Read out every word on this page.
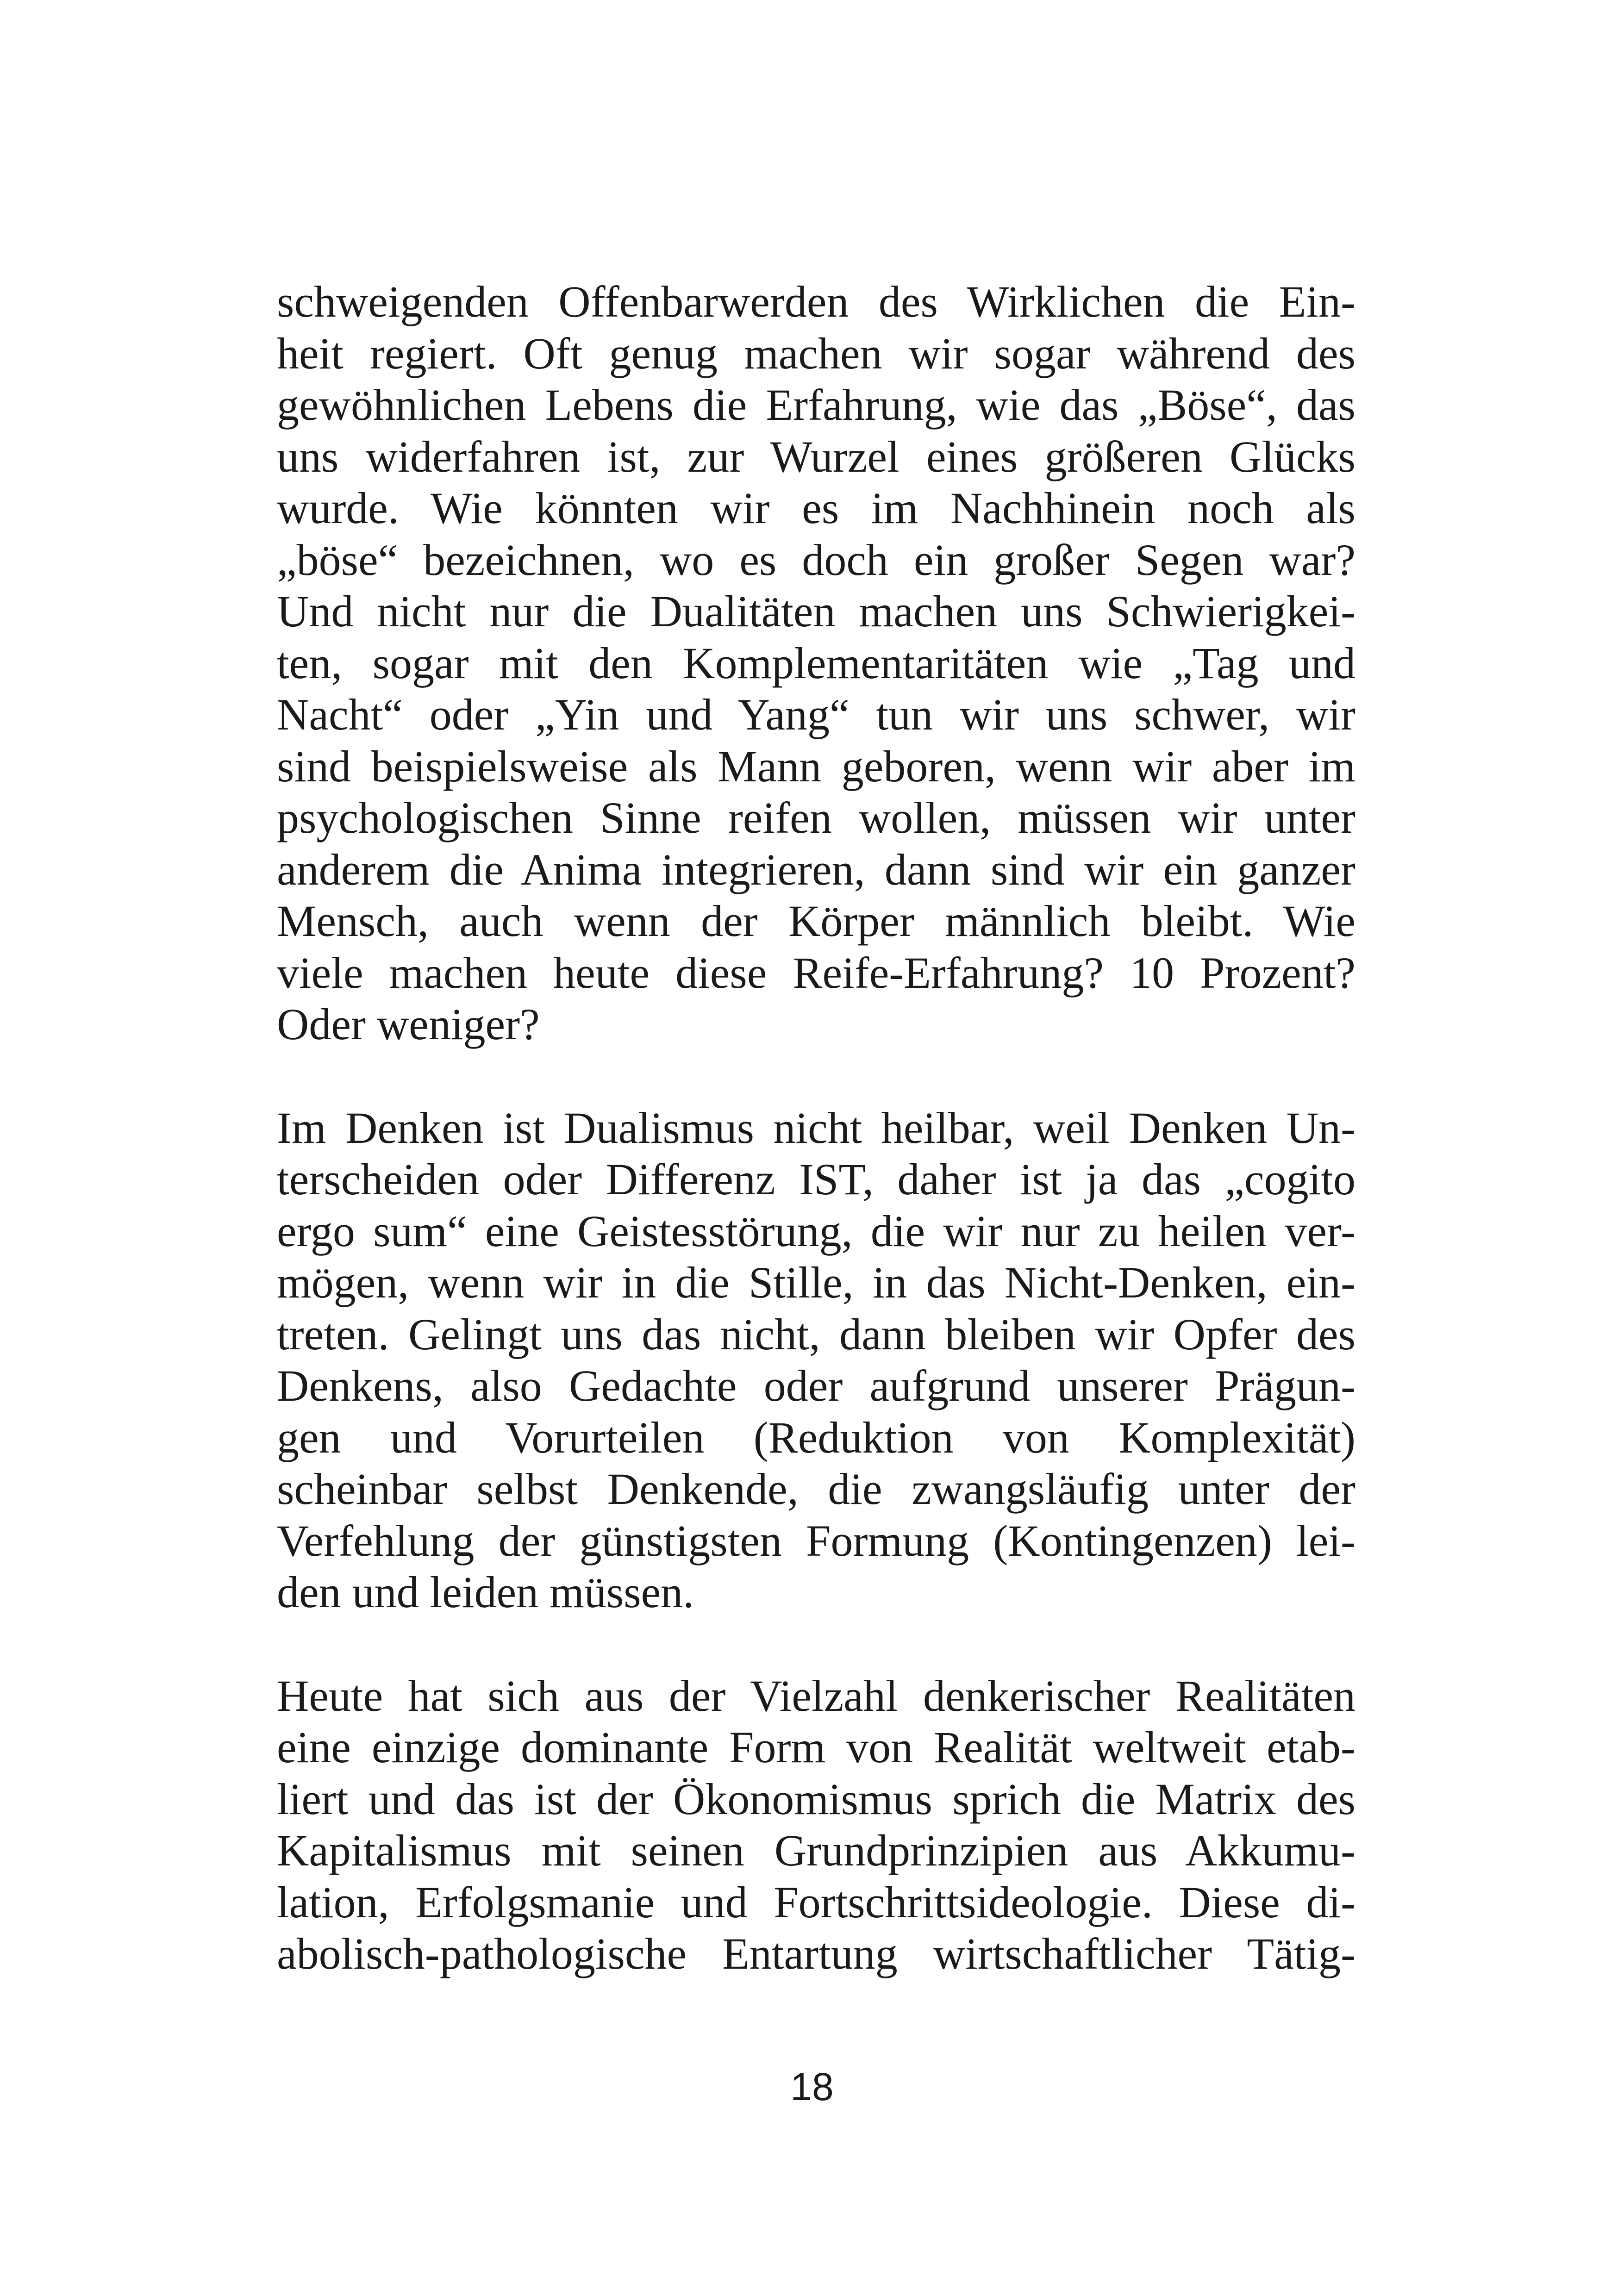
schweigenden Offenbarwerden des Wirklichen die Ein-
heit regiert. Oft genug machen wir sogar während des
gewöhnlichen Lebens die Erfahrung, wie das „Böse“, das
uns widerfahren ist, zur Wurzel eines größeren Glücks
wurde. Wie könnten wir es im Nachhinein noch als
„böse“ bezeichnen, wo es doch ein großer Segen war?
Und nicht nur die Dualitäten machen uns Schwierigkei-
ten, sogar mit den Komplementaritäten wie „Tag und
Nacht“ oder „Yin und Yang“ tun wir uns schwer, wir
sind beispielsweise als Mann geboren, wenn wir aber im
psychologischen Sinne reifen wollen, müssen wir unter
anderem die Anima integrieren, dann sind wir ein ganzer
Mensch, auch wenn der Körper männlich bleibt. Wie
viele machen heute diese Reife-Erfahrung? 10 Prozent?
Oder weniger?
Im Denken ist Dualismus nicht heilbar, weil Denken Un-
terscheiden oder Differenz IST, daher ist ja das „cogito
ergo sum“ eine Geistesstörung, die wir nur zu heilen ver-
mögen, wenn wir in die Stille, in das Nicht-Denken, ein-
treten. Gelingt uns das nicht, dann bleiben wir Opfer des
Denkens, also Gedachte oder aufgrund unserer Prägun-
gen und Vorurteilen (Reduktion von Komplexität)
scheinbar selbst Denkende, die zwangsläufig unter der
Verfehlung der günstigsten Formung (Kontingenzen) lei-
den und leiden müssen.
Heute hat sich aus der Vielzahl denkerischer Realitäten
eine einzige dominante Form von Realität weltweit etab-
liert und das ist der Ökonomismus sprich die Matrix des
Kapitalismus mit seinen Grundprinzipien aus Akkumu-
lation, Erfolgsmanie und Fortschrittsideologie. Diese di-
abolisch-pathologische Entartung wirtschaftlicher Tätig-
18
